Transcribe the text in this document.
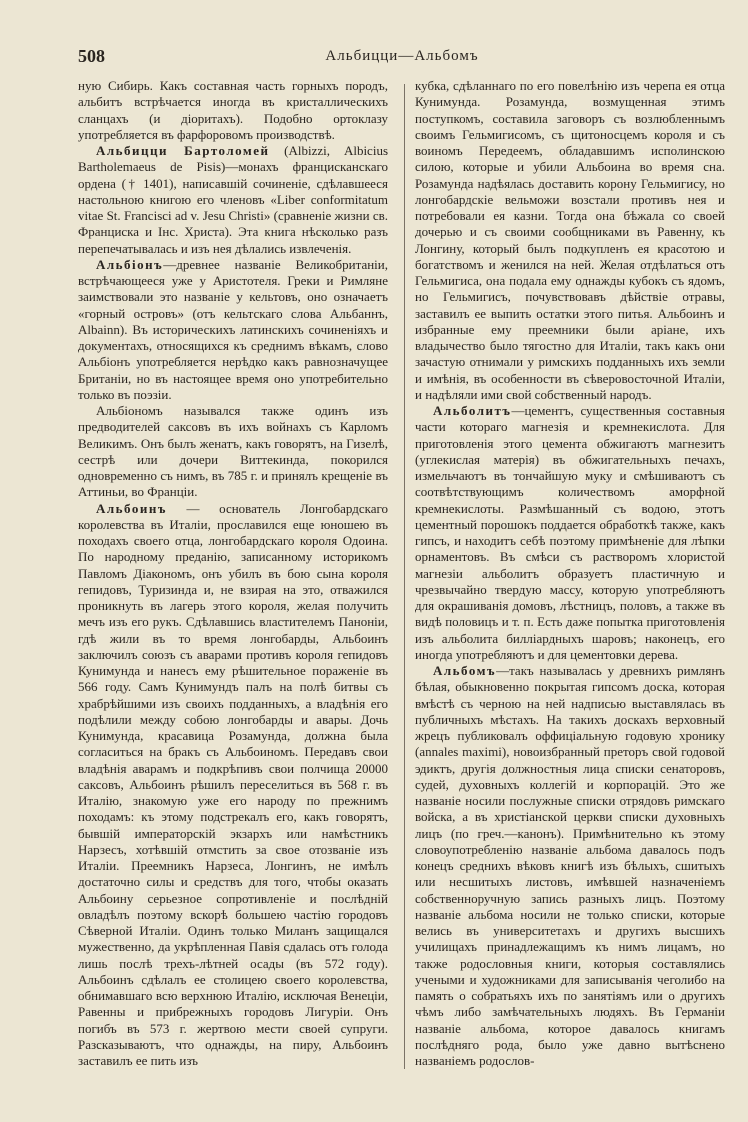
508	Альбицци—Альбомъ

ную Сибирь. Какъ составная часть горныхъ породъ, альбитъ встрѣчается иногда въ кристаллическихъ сланцахъ (и діоритахъ). Подобно ортоклазу употребляется въ фарфоровомъ производствѣ.

Альбицци Бартоломей (Albizzi, Albicius Bartholemaeus de Pisis)—монахъ францисканскаго ордена († 1401), написавшій сочиненіе, сдѣлавшееся настольною книгою его членовъ «Liber conformitatum vitae St. Francisci ad v. Jesu Christi» (сравненіе жизни св. Франциска и Інс. Христа). Эта книга нѣсколько разъ перепечатывалась и изъ нея дѣлались извлеченія.

Альбіонъ—древнее названіе Великобританіи, встрѣчающееся уже у Аристотеля. Греки и Римляне заимствовали это названіе у кельтовъ, оно означаетъ «горный островъ» (отъ кельтскаго слова Альбаннъ, Albainn). Въ историческихъ латинскихъ сочиненіяхъ и документахъ, относящихся къ среднимъ вѣкамъ, слово Альбіонъ употребляется нерѣдко какъ равнозначущее Британіи, но въ настоящее время оно употребительно только въ поэзіи.

Альбіономъ назывался также одинъ изъ предводителей саксовъ въ ихъ войнахъ съ Карломъ Великимъ. Онъ былъ женатъ, какъ говорятъ, на Гизелѣ, сестрѣ или дочери Виттекинда, покорился одновременно съ нимъ, въ 785 г. и принялъ крещеніе въ Аттиньи, во Франціи.

Альбоинъ — основатель Лонгобардскаго королевства въ Италіи, прославился еще юношею въ походахъ своего отца, лонгобардскаго короля Одоина. По народному преданію, записанному историкомъ Павломъ Діакономъ, онъ убилъ въ бою сына короля гепидовъ, Туризинда и, не взирая на это, отважился проникнуть въ лагерь этого короля, желая получить мечъ изъ его рукъ. Сдѣлавшись властителемъ Паноніи, гдѣ жили въ то время лонгобарды, Альбоинъ заключилъ союзъ съ аварами противъ короля гепидовъ Кунимунда и нанесъ ему рѣшительное пораженіе въ 566 году. Самъ Кунимундъ палъ на полѣ битвы съ храбрѣйшими изъ своихъ подданныхъ, а владѣнія его подѣлили между собою лонгобарды и авары. Дочь Кунимунда, красавица Розамунда, должна была согласиться на бракъ съ Альбоиномъ. Передавъ свои владѣнія аварамъ и подкрѣпивъ свои полчища 20000 саксовъ, Альбоинъ рѣшилъ переселиться въ 568 г. въ Италію, знакомую уже его народу по прежнимъ походамъ: къ этому подстрекалъ его, какъ говорятъ, бывшій императорскій экзархъ или намѣстникъ Нарзесъ, хотѣвшій отмстить за свое отозваніе изъ Италіи. Преемникъ Нарзеса, Лонгинъ, не имѣлъ достаточно силы и средствъ для того, чтобы оказать Альбоину серьезное сопротивленіе и послѣдній овладѣлъ поэтому вскорѣ большею частію городовъ Сѣверной Италіи. Одинъ только Миланъ защищался мужественно, да укрѣпленная Павія сдалась отъ голода лишь послѣ трехъ-лѣтней осады (въ 572 году). Альбоинъ сдѣлалъ ее столицею своего королевства, обнимавшаго всю верхнюю Италію, исключая Венеціи, Равенны и прибрежныхъ городовъ Лигуріи. Онъ погибъ въ 573 г. жертвою мести своей супруги. Разсказываютъ, что однажды, на пиру, Альбоинъ заставилъ ее пить изъ

кубка, сдѣланнаго по его повелѣнію изъ черепа ея отца Кунимунда. Розамунда, возмущенная этимъ поступкомъ, составила заговоръ съ возлюбленнымъ своимъ Гельмигисомъ, съ щитоносцемъ короля и съ воиномъ Передеемъ, обладавшимъ исполинскою силою, которые и убили Альбоина во время сна. Розамунда надѣялась доставить корону Гельмигису, но лонгобардскіе вельможи возстали противъ нея и потребовали ея казни. Тогда она бѣжала со своей дочерью и съ своими сообщниками въ Равенну, къ Лонгину, который былъ подкупленъ ея красотою и богатствомъ и женился на ней. Желая отдѣлаться отъ Гельмигиса, она подала ему однажды кубокъ съ ядомъ, но Гельмигисъ, почувствовавъ дѣйствіе отравы, заставилъ ее выпить остатки этого питья. Альбоинъ и избранные ему преемники были аріане, ихъ владычество было тягостно для Италіи, такъ какъ они зачастую отнимали у римскихъ подданныхъ ихъ земли и имѣнія, въ особенности въ сѣверовосточной Италіи, и надѣляли ими свой собственный народъ.

Альболитъ—цементъ, существенныя составныя части котораго магнезія и кремнекислота. Для приготовленія этого цемента обжигаютъ магнезитъ (углекислая матерія) въ обжигательныхъ печахъ, измельчаютъ въ тончайшую муку и смѣшиваютъ съ соотвѣтствующимъ количествомъ аморфной кремнекислоты. Размѣшанный съ водою, этотъ цементный порошокъ поддается обработкѣ также, какъ гипсъ, и находитъ себѣ поэтому примѣненіе для лѣпки орнаментовъ. Въ смѣси съ растворомъ хлористой магнезіи альболитъ образуетъ пластичную и чрезвычайно твердую массу, которую употребляютъ для окрашиванія домовъ, лѣстницъ, половъ, а также въ видѣ половицъ и т. п. Есть даже попытка приготовленія изъ альболита билліардныхъ шаровъ; наконецъ, его иногда употребляютъ и для цементовки дерева.

Альбомъ—такъ называлась у древнихъ римлянъ бѣлая, обыкновенно покрытая гипсомъ доска, которая вмѣстѣ съ черною на ней надписью выставлялась въ публичныхъ мѣстахъ. На такихъ доскахъ верховный жрецъ публиковалъ оффиціальную годовую хронику (annales maximi), новоизбранный преторъ свой годовой эдиктъ, другія должностныя лица списки сенаторовъ, судей, духовныхъ коллегій и корпорацій. Это же названіе носили послужные списки отрядовъ римскаго войска, а въ христіанской церкви списки духовныхъ лицъ (по греч.—канонъ). Примѣнительно къ этому словоупотребленію названіе альбома давалось подъ конецъ среднихъ вѣковъ книгѣ изъ бѣлыхъ, сшитыхъ или несшитыхъ листовъ, имѣвшей назначеніемъ собственноручную запись разныхъ лицъ. Поэтому названіе альбома носили не только списки, которые велись въ университетахъ и другихъ высшихъ училищахъ принадлежащимъ къ нимъ лицамъ, но также родословныя книги, которыя составлялись учеными и художниками для записыванія чеголибо на память о собратьяхъ ихъ по занятіямъ или о другихъ чѣмъ либо замѣчательныхъ людяхъ. Въ Германіи названіе альбома, которое давалось книгамъ послѣдняго рода, было уже давно вытѣснено названіемъ родослов-
